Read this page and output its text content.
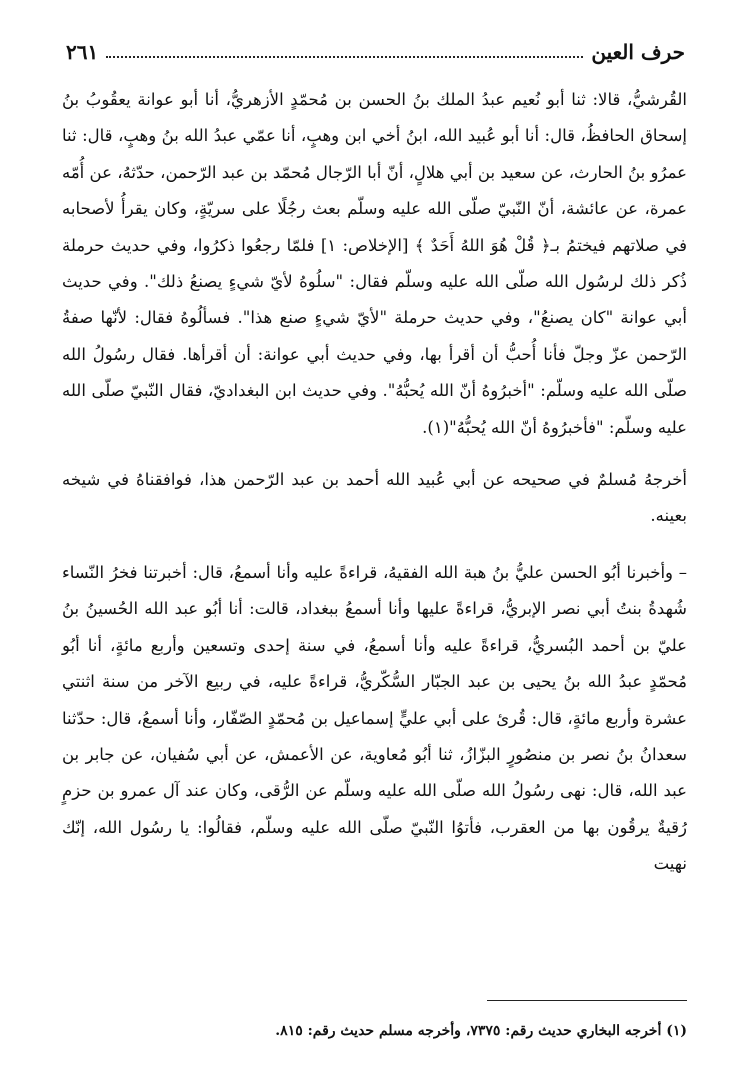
حرف العين
٢٦١

القُرشيُّ، قالا: ثنا أبو نُعيم عبدُ الملك بنُ الحسن بن مُحمّدٍ الأزهريُّ، أنا أبو عوانة يعقُوبُ بنُ إسحاق الحافظُ، قال: أنا أبو عُبيد الله، ابنُ أخي ابن وهبٍ، أنا عمّي عبدُ الله بنُ وهبٍ، قال: ثنا عمرُو بنُ الحارث، عن سعيد بن أبي هلالٍ، أنّ أبا الرّجال مُحمّد بن عبد الرّحمن، حدّثهُ، عن أُمّه عمرة، عن عائشة، أنّ النّبيّ صلّى الله عليه وسلّم بعث رجُلًا على سريّةٍ، وكان يقرأُ لأصحابه في صلاتهم فيختمُ بـ﴿ قُلْ هُوَ اللهُ أَحَدٌ ﴾ [الإخلاص: ١] فلمّا رجعُوا ذكرُوا، وفي حديث حرملة ذُكر ذلك لرسُول الله صلّى الله عليه وسلّم فقال: "سلُوهُ لأيّ شيءٍ يصنعُ ذلك". وفي حديث أبي عوانة "كان يصنعُ"، وفي حديث حرملة "لأيّ شيءٍ صنع هذا". فسألُوهُ فقال: لأنّها صفةُ الرّحمن عزّ وجلّ فأنا أُحبُّ أن أقرأ بها، وفي حديث أبي عوانة: أن أقرأها. فقال رسُولُ الله صلّى الله عليه وسلّم: "أخبرُوهُ أنّ الله يُحبُّهُ". وفي حديث ابن البغداديّ، فقال النّبيّ صلّى الله عليه وسلّم: "فأخبرُوهُ أنّ الله يُحبُّهُ"(١).

أخرجهُ مُسلمٌ في صحيحه عن أبي عُبيد الله أحمد بن عبد الرّحمن هذا، فوافقناهُ في شيخه بعينه.

– وأخبرنا أبُو الحسن عليُّ بنُ هبة الله الفقيهُ، قراءةً عليه وأنا أسمعُ، قال: أخبرتنا فخرُ النّساء شُهدةُ بنتُ أبي نصر الإبريُّ، قراءةً عليها وأنا أسمعُ ببغداد، قالت: أنا أبُو عبد الله الحُسينُ بنُ عليّ بن أحمد البُسريُّ، قراءةً عليه وأنا أسمعُ، في سنة إحدى وتسعين وأربع مائةٍ، أنا أبُو مُحمّدٍ عبدُ الله بنُ يحيى بن عبد الجبّار السُّكّريُّ، قراءةً عليه، في ربيع الآخر من سنة اثنتي عشرة وأربع مائةٍ، قال: قُرئ على أبي عليٍّ إسماعيل بن مُحمّدٍ الصّفّار، وأنا أسمعُ، قال: حدّثنا سعدانُ بنُ نصر بن منصُورٍ البزّازُ، ثنا أبُو مُعاوية، عن الأعمش، عن أبي سُفيان، عن جابر بن عبد الله، قال: نهى رسُولُ الله صلّى الله عليه وسلّم عن الرُّقى، وكان عند آل عمرو بن حزمٍ رُقيةٌ يرقُون بها من العقرب، فأتوُا النّبيّ صلّى الله عليه وسلّم، فقالُوا: يا رسُول الله، إنّك نهيت

(١) أخرجه البخاري حديث رقم: ٧٣٧٥، وأخرجه مسلم حديث رقم: ٨١٥.
